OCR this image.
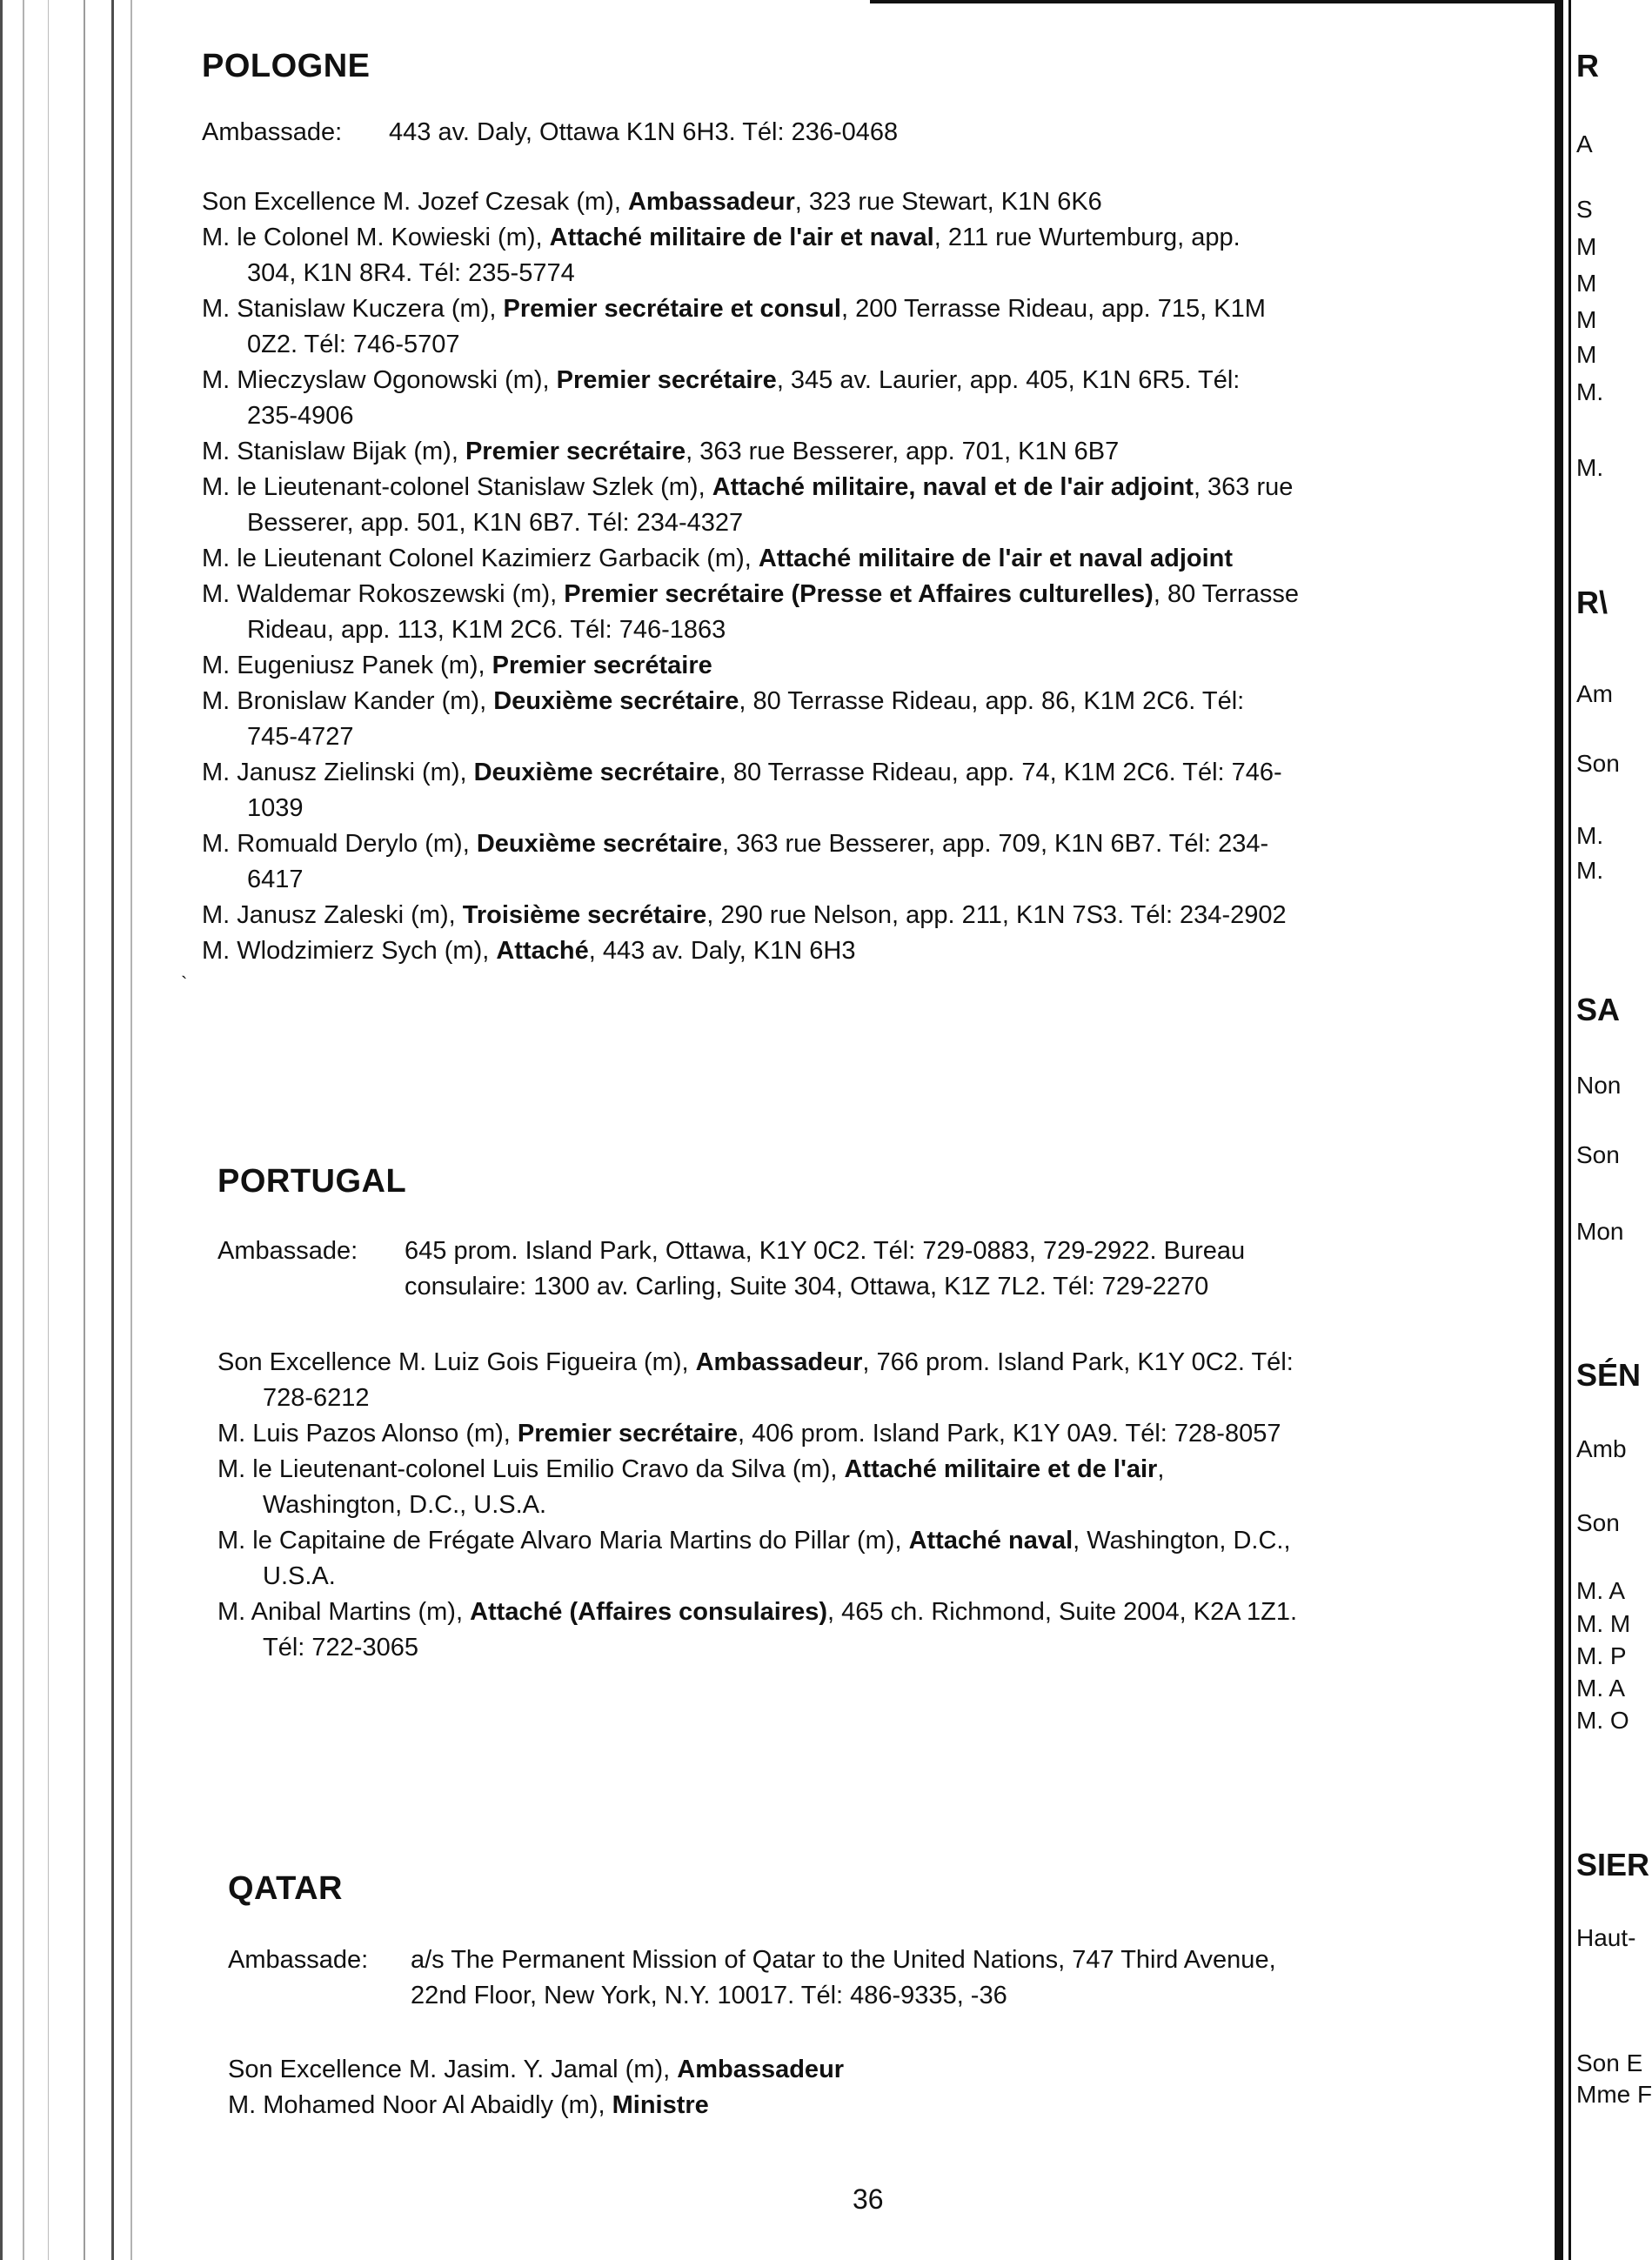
POLOGNE
Ambassade: 443 av. Daly, Ottawa K1N 6H3. Tél: 236-0468
Son Excellence M. Jozef Czesak (m), Ambassadeur, 323 rue Stewart, K1N 6K6
M. le Colonel M. Kowieski (m), Attaché militaire de l'air et naval, 211 rue Wurtemburg, app.
304, K1N 8R4. Tél: 235-5774
M. Stanislaw Kuczera (m), Premier secrétaire et consul, 200 Terrasse Rideau, app. 715, K1M
0Z2. Tél: 746-5707
M. Mieczyslaw Ogonowski (m), Premier secrétaire, 345 av. Laurier, app. 405, K1N 6R5. Tél:
235-4906
M. Stanislaw Bijak (m), Premier secrétaire, 363 rue Besserer, app. 701, K1N 6B7
M. le Lieutenant-colonel Stanislaw Szlek (m), Attaché militaire, naval et de l'air adjoint, 363 rue
Besserer, app. 501, K1N 6B7. Tél: 234-4327
M. le Lieutenant Colonel Kazimierz Garbacik (m), Attaché militaire de l'air et naval adjoint
M. Waldemar Rokoszewski (m), Premier secrétaire (Presse et Affaires culturelles), 80 Terrasse
Rideau, app. 113, K1M 2C6. Tél: 746-1863
M. Eugeniusz Panek (m), Premier secrétaire
M. Bronislaw Kander (m), Deuxième secrétaire, 80 Terrasse Rideau, app. 86, K1M 2C6. Tél:
745-4727
M. Janusz Zielinski (m), Deuxième secrétaire, 80 Terrasse Rideau, app. 74, K1M 2C6. Tél: 746-
1039
M. Romuald Derylo (m), Deuxième secrétaire, 363 rue Besserer, app. 709, K1N 6B7. Tél: 234-
6417
M. Janusz Zaleski (m), Troisième secrétaire, 290 rue Nelson, app. 211, K1N 7S3. Tél: 234-2902
M. Wlodzimierz Sych (m), Attaché, 443 av. Daly, K1N 6H3
`
PORTUGAL
Ambassade: 645 prom. Island Park, Ottawa, K1Y 0C2. Tél: 729-0883, 729-2922. Bureau
consulaire: 1300 av. Carling, Suite 304, Ottawa, K1Z 7L2. Tél: 729-2270
Son Excellence M. Luiz Gois Figueira (m), Ambassadeur, 766 prom. Island Park, K1Y 0C2. Tél:
728-6212
M. Luis Pazos Alonso (m), Premier secrétaire, 406 prom. Island Park, K1Y 0A9. Tél: 728-8057
M. le Lieutenant-colonel Luis Emilio Cravo da Silva (m), Attaché militaire et de l'air,
Washington, D.C., U.S.A.
M. le Capitaine de Frégate Alvaro Maria Martins do Pillar (m), Attaché naval, Washington, D.C.,
U.S.A.
M. Anibal Martins (m), Attaché (Affaires consulaires), 465 ch. Richmond, Suite 2004, K2A 1Z1.
Tél: 722-3065
QATAR
Ambassade: a/s The Permanent Mission of Qatar to the United Nations, 747 Third Avenue,
22nd Floor, New York, N.Y. 10017. Tél: 486-9335, -36
Son Excellence M. Jasim. Y. Jamal (m), Ambassadeur
M. Mohamed Noor Al Abaidly (m), Ministre
36
R
A
S
M
M
M
M
M.
M.
R\
Am
Son
M.
M.
SA
Non
Son
Mon
SÉN
Amb
Son
M. A
M. M
M. P
M. A
M. O
SIER
Haut-
Son E
Mme F
